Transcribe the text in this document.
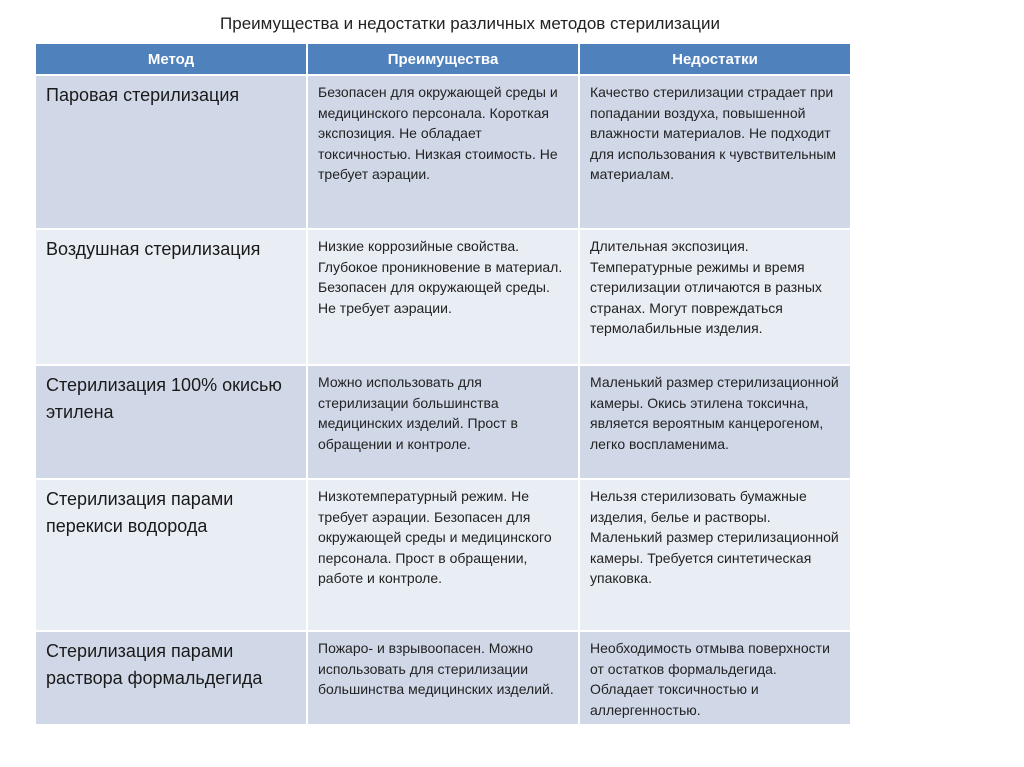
Преимущества и недостатки различных методов стерилизации
Метод	Преимущества	Недостатки
Паровая стерилизация	Безопасен для окружающей среды и медицинского персонала. Короткая экспозиция. Не обладает токсичностью. Низкая стоимость. Не требует аэрации.	Качество стерилизации страдает при попадании воздуха, повышенной влажности материалов. Не подходит для использования к чувствительным материалам.
Воздушная стерилизация	Низкие коррозийные свойства. Глубокое проникновение в материал. Безопасен для окружающей среды. Не требует аэрации.	Длительная экспозиция. Температурные режимы и время стерилизации отличаются в разных странах. Могут повреждаться термолабильные изделия.
Стерилизация 100% окисью этилена	Можно использовать для стерилизации большинства медицинских изделий. Прост в обращении и контроле.	Маленький размер стерилизационной камеры. Окись этилена токсична, является вероятным канцерогеном, легко воспламенима.
Стерилизация парами перекиси водорода	Низкотемпературный режим. Не требует аэрации. Безопасен для окружающей среды и медицинского персонала. Прост в обращении, работе и контроле.	Нельзя стерилизовать бумажные изделия, белье и растворы. Маленький размер стерилизационной камеры. Требуется синтетическая упаковка.
Стерилизация парами раствора формальдегида	Пожаро- и взрывоопасен. Можно использовать для стерилизации большинства медицинских изделий.	Необходимость отмыва поверхности от остатков формальдегида. Обладает токсичностью и аллергенностью.
